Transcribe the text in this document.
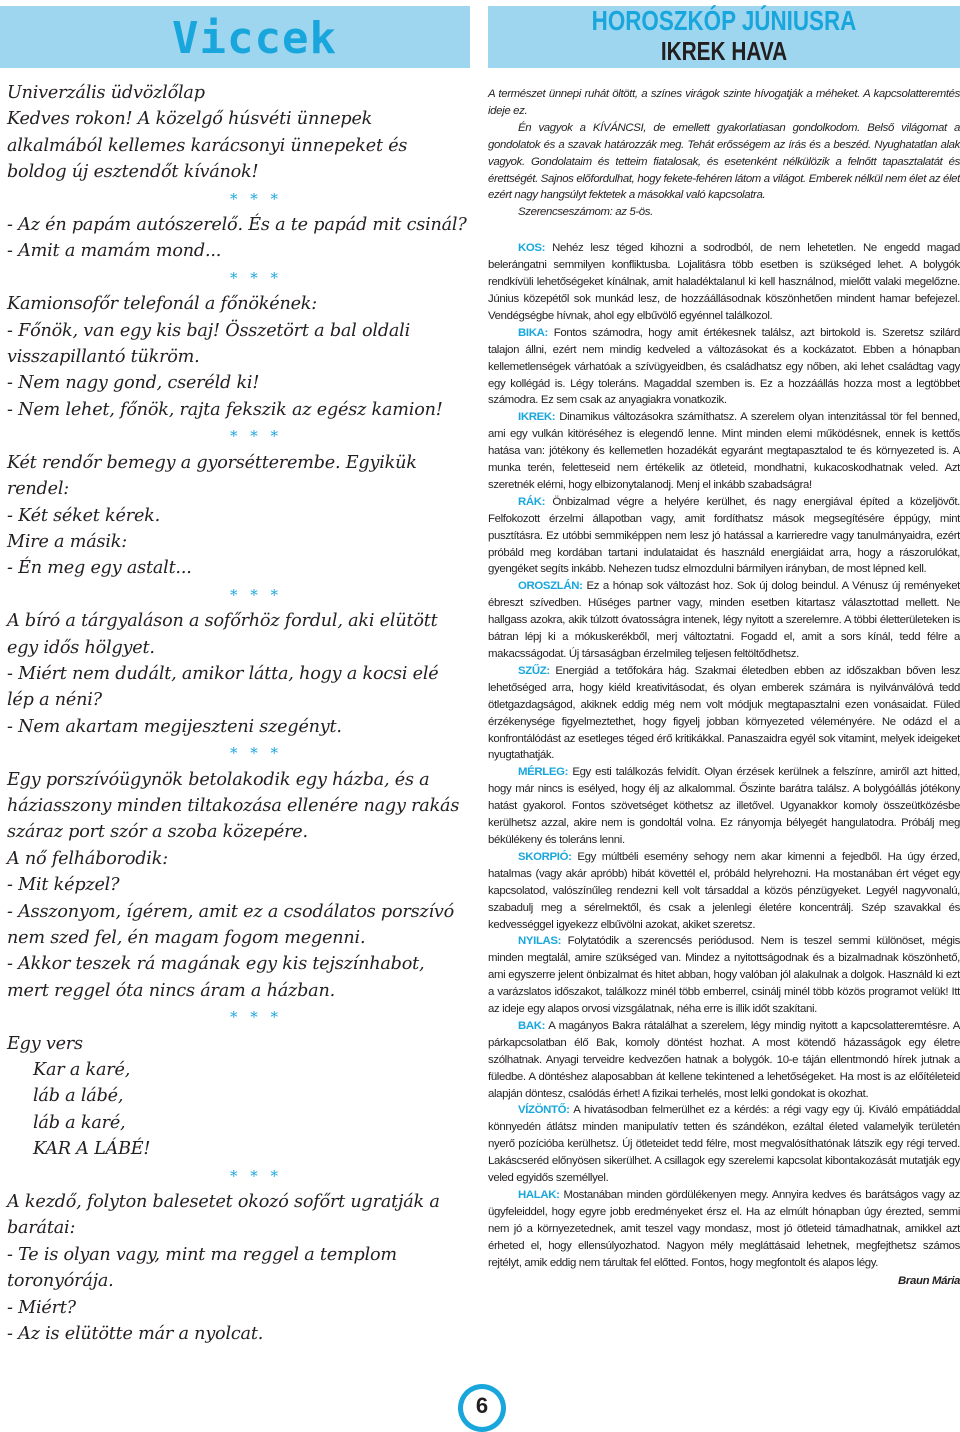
Viccek

Univerzális üdvözlőlap

Kedves rokon! A közelgő húsvéti ünnepek alkalmából kellemes karácsonyi ünnepeket és boldog új esztendőt kívánok!

* * *

- Az én papám autószerelő. És a te papád mit csinál?

- Amit a mamám mond...

* * *

Kamionsofőr telefonál a főnökének:

- Főnök, van egy kis baj! Összetört a bal oldali visszapillantó tükröm.

- Nem nagy gond, cseréld ki!

- Nem lehet, főnök, rajta fekszik az egész kamion!

* * *

Két rendőr bemegy a gyorsétterembe. Egyikük rendel:

- Két séket kérek.

Mire a másik:

- Én meg egy astalt...

* * *

A bíró a tárgyaláson a sofőrhöz fordul, aki elütött egy idős hölgyet.

- Miért nem dudált, amikor látta, hogy a kocsi elé lép a néni?

- Nem akartam megijeszteni szegényt.

* * *

Egy porszívóügynök betolakodik egy házba, és a háziasszony minden tiltakozása ellenére nagy rakás száraz port szór a szoba közepére.

A nő felháborodik:

- Mit képzel?

- Asszonyom, ígérem, amit ez a csodálatos porszívó nem szed fel, én magam fogom megenni.

- Akkor teszek rá magának egy kis tejszínhabot, mert reggel óta nincs áram a házban.

* * *

Egy vers

Kar a karé,

láb a lábé,

láb a karé,

KAR A LÁBÉ!

* * *

A kezdő, folyton balesetet okozó sofőrt ugratják a barátai:

- Te is olyan vagy, mint ma reggel a templom toronyórája.

- Miért?

- Az is elütötte már a nyolcat.

HOROSZKÓP JÚNIUSRA
IKREK HAVA

A természet ünnepi ruhát öltött, a színes virágok szinte hívogatják a méheket. A kapcsolatteremtés ideje ez.

Én vagyok a KÍVÁNCSI, de emellett gyakorlatiasan gondolkodom. Belső világomat a gondolatok és a szavak határozzák meg. Tehát erősségem az írás és a beszéd. Nyughatatlan alak vagyok. Gondolataim és tetteim fiatalosak, és esetenként nélkülözik a felnőtt tapasztalatát és érettségét. Sajnos előfordulhat, hogy fekete-fehéren látom a világot. Emberek nélkül nem élet az élet ezért nagy hangsúlyt fektetek a másokkal való kapcsolatra.

Szerencseszámom: az 5-ös.

KOS: Nehéz lesz téged kihozni a sodrodból, de nem lehetetlen. Ne engedd magad belerángatni semmilyen konfliktusba. Lojalitásra több esetben is szükséged lehet. A bolygók rendkívüli lehetőségeket kínálnak, amit haladéktalanul ki kell használnod, mielőtt valaki megelőzne. Június közepétől sok munkád lesz, de hozzáállásodnak köszönhetően mindent hamar befejezel. Vendégségbe hívnak, ahol egy elbűvölő egyénnel találkozol.

BIKA: Fontos számodra, hogy amit értékesnek találsz, azt birtokold is. Szeretsz szilárd talajon állni, ezért nem mindig kedveled a változásokat és a kockázatot. Ebben a hónapban kellemetlenségek várhatóak a szívügyeidben, és családhatsz egy nőben, aki lehet családtag vagy egy kollégád is. Légy toleráns. Magaddal szemben is. Ez a hozzáállás hozza most a legtöbbet számodra. Ez sem csak az anyagiakra vonatkozik.

IKREK: Dinamikus változásokra számíthatsz. A szerelem olyan intenzitással tör fel benned, ami egy vulkán kitöréséhez is elegendő lenne. Mint minden elemi működésnek, ennek is kettős hatása van: jótékony és kellemetlen hozadékát egyaránt megtapasztalod te és környezeted is. A munka terén, feletteseid nem értékelik az ötleteid, mondhatni, kukacoskodhatnak veled. Azt szeretnék elérni, hogy elbizonytalanodj. Menj el inkább szabadságra!

RÁK: Önbizalmad végre a helyére kerülhet, és nagy energiával építed a közeljövőt. Felfokozott érzelmi állapotban vagy, amit fordíthatsz mások megsegítésére éppúgy, mint pusztításra. Ez utóbbi semmiképpen nem lesz jó hatással a karrieredre vagy tanulmányaidra, ezért próbáld meg kordában tartani indulataidat és használd energiáidat arra, hogy a rászorulókat, gyengéket segíts inkább. Nehezen tudsz elmozdulni bármilyen irányban, de most lépned kell.

OROSZLÁN: Ez a hónap sok változást hoz. Sok új dolog beindul. A Vénusz új reményeket ébreszt szívedben. Hűséges partner vagy, minden esetben kitartasz választottad mellett. Ne hallgass azokra, akik túlzott óvatosságra intenek, légy nyitott a szerelemre. A többi életterületeken is bátran lépj ki a mókuskerékből, merj változtatni. Fogadd el, amit a sors kínál, tedd félre a makacsságodat. Új társaságban érzelmileg teljesen feltöltődhetsz.

SZŰZ: Energiád a tetőfokára hág. Szakmai életedben ebben az időszakban bőven lesz lehetőséged arra, hogy kiéld kreativitásodat, és olyan emberek számára is nyilvánválóvá tedd ötletgazdagságod, akiknek eddig még nem volt módjuk megtapasztalni ezen vonásaidat. Füled érzékenysége figyelmeztethet, hogy figyelj jobban környezeted véleményére. Ne odázd el a konfrontálódást az esetleges téged érő kritikákkal. Panaszaidra egyél sok vitamint, melyek ideigeket nyugtathatják.

MÉRLEG: Egy esti találkozás felvidít. Olyan érzések kerülnek a felszínre, amiről azt hitted, hogy már nincs is esélyed, hogy élj az alkalommal. Őszinte barátra találsz. A bolygóállás jótékony hatást gyakorol. Fontos szövetséget köthetsz az illetővel. Ugyanakkor komoly összeütközésbe kerülhetsz azzal, akire nem is gondoltál volna. Ez rányomja bélyegét hangulatodra. Próbálj meg békülékeny és toleráns lenni.

SKORPIÓ: Egy múltbéli esemény sehogy nem akar kimenni a fejedből. Ha úgy érzed, hatalmas (vagy akár apróbb) hibát követtél el, próbáld helyrehozni. Ha mostanában ért véget egy kapcsolatod, valószínűleg rendezni kell volt társaddal a közös pénzügyeket. Legyél nagyvonalú, szabadulj meg a sérelmektől, és csak a jelenlegi életére koncentrálj. Szép szavakkal és kedvességgel igyekezz elbűvölni azokat, akiket szeretsz.

NYILAS: Folytatódik a szerencsés periódusod. Nem is teszel semmi különöset, mégis minden megtalál, amire szükséged van. Mindez a nyitottságodnak és a bizalmadnak köszönhető, ami egyszerre jelent önbizalmat és hitet abban, hogy valóban jól alakulnak a dolgok. Használd ki ezt a varázslatos időszakot, találkozz minél több emberrel, csinálj minél több közös programot velük! Itt az ideje egy alapos orvosi vizsgálatnak, néha erre is illik időt szakítani.

BAK: A magányos Bakra rátalálhat a szerelem, légy mindig nyitott a kapcsolatteremtésre. A párkapcsolatban élő Bak, komoly döntést hozhat. A most kötendő házasságok egy életre szólhatnak. Anyagi terveidre kedvezően hatnak a bolygók. 10-e táján ellentmondó hírek jutnak a füledbe. A döntéshez alaposabban át kellene tekintened a lehetőségeket. Ha most is az előítéleteid alapján döntesz, csalódás érhet! A fizikai terhelés, most lelki gondokat is okozhat.

VÍZÖNTŐ: A hivatásodban felmerülhet ez a kérdés: a régi vagy egy új. Kiváló empátiáddal könnyedén átlátsz minden manipulatív tetten és szándékon, ezáltal életed valamelyik területén nyerő pozícióba kerülhetsz. Új ötleteidet tedd félre, most megvalósíthatónak látszik egy régi terved. Lakáscseréd előnyösen sikerülhet. A csillagok egy szerelemi kapcsolat kibontakozását mutatják egy veled egyidős személlyel.

HALAK: Mostanában minden gördülékenyen megy. Annyira kedves és barátságos vagy az ügyfeleiddel, hogy egyre jobb eredményeket érsz el. Ha az elmúlt hónapban úgy érezted, semmi nem jó a környezetednek, amit teszel vagy mondasz, most jó ötleteid támadhatnak, amikkel azt érheted el, hogy ellensúlyozhatod. Nagyon mély megláttásaid lehetnek, megfejthetsz számos rejtélyt, amik eddig nem tárultak fel előtted. Fontos, hogy megfontolt és alapos légy.

Braun Mária

6
